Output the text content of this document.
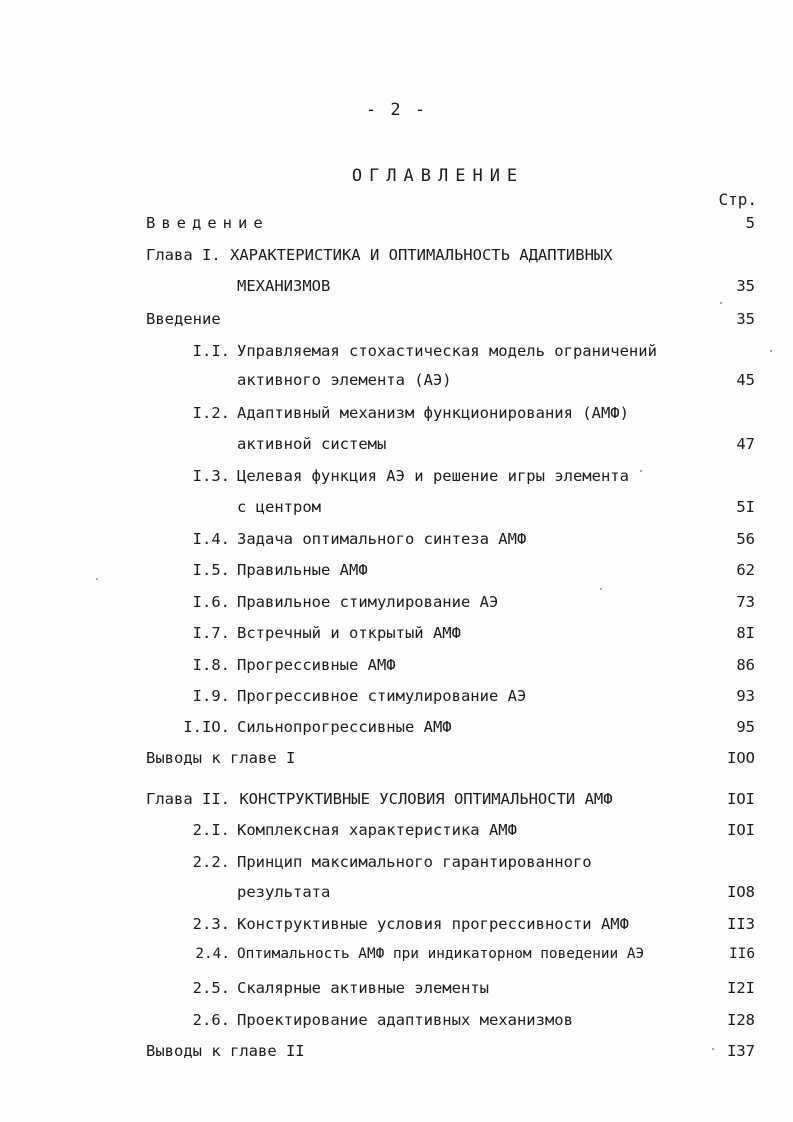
- 2 -
ОГЛАВЛЕНИЕ
Стр.
Введение	5
Глава I. ХАРАКТЕРИСТИКА И ОПТИМАЛЬНОСТЬ АДАПТИВНЫХ
МЕХАНИЗМОВ	35
Введение	35
I.I. Управляемая стохастическая модель ограничений
активного элемента (АЭ)	45
I.2. Адаптивный механизм функционирования (АМФ)
активной системы	47
I.3. Целевая функция АЭ и решение игры элемента
с центром	5I
I.4. Задача оптимального синтеза АМФ	56
I.5. Правильные АМФ	62
I.6. Правильное стимулирование АЭ	73
I.7. Встречный и открытый АМФ	8I
I.8. Прогрессивные АМФ	86
I.9. Прогрессивное стимулирование АЭ	93
I.IO. Сильнопрогрессивные АМФ	95
Выводы к главе I	IOO
Глава II. КОНСТРУКТИВНЫЕ УСЛОВИЯ ОПТИМАЛЬНОСТИ АМФ	IOI
2.I. Комплексная характеристика АМФ	IOI
2.2. Принцип максимального гарантированного
результата	IO8
2.3. Конструктивные условия прогрессивности АМФ	II3
2.4. Оптимальность АМФ при индикаторном поведении АЭ	II6
2.5. Скалярные активные элементы	I2I
2.6. Проектирование адаптивных механизмов	I28
Выводы к главе II	I37
